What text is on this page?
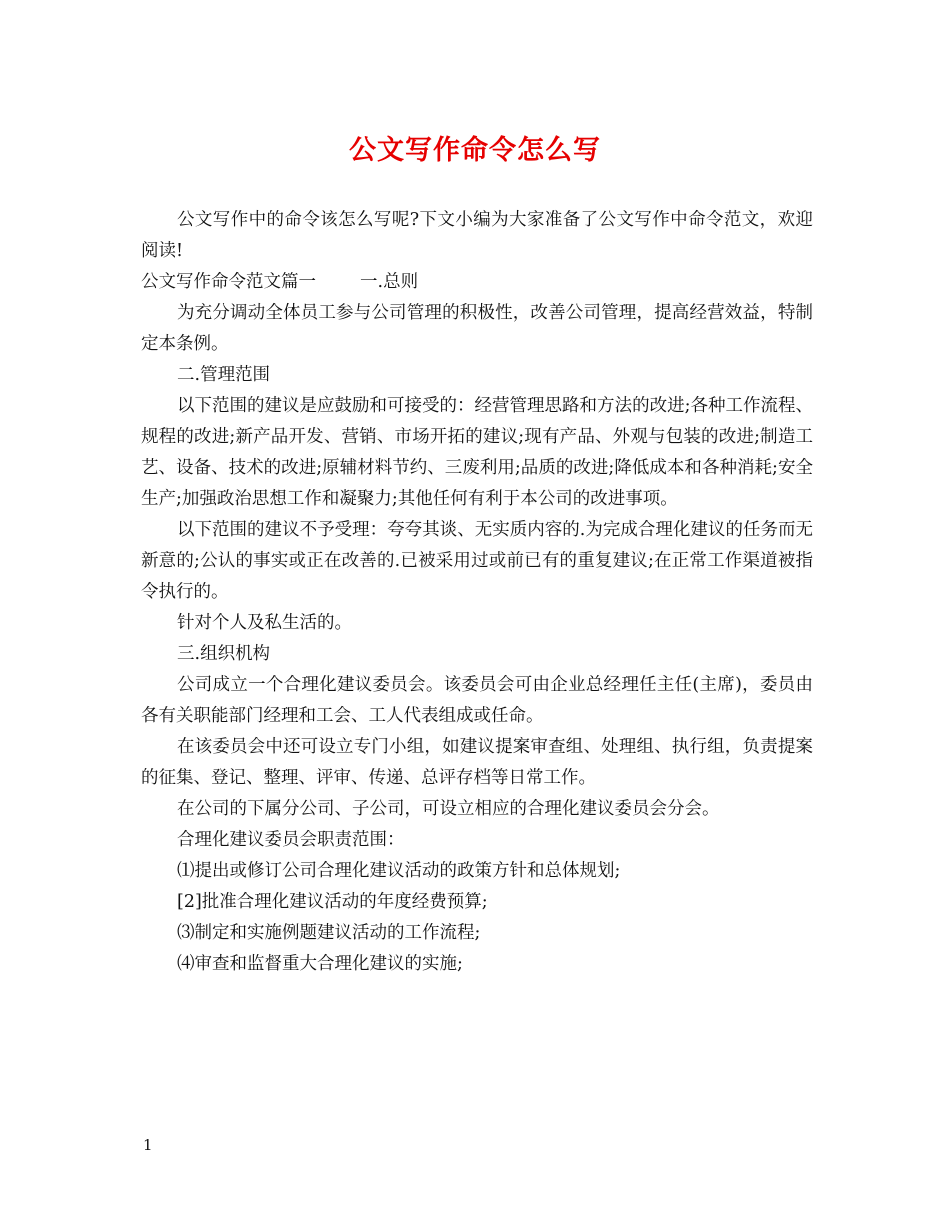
公文写作命令怎么写

公文写作中的命令该怎么写呢?下文小编为大家准备了公文写作中命令范文，欢迎阅读!

公文写作命令范文篇一	一.总则

为充分调动全体员工参与公司管理的积极性，改善公司管理，提高经营效益，特制定本条例。

二.管理范围

以下范围的建议是应鼓励和可接受的：经营管理思路和方法的改进;各种工作流程、规程的改进;新产品开发、营销、市场开拓的建议;现有产品、外观与包装的改进;制造工艺、设备、技术的改进;原辅材料节约、三废利用;品质的改进;降低成本和各种消耗;安全生产;加强政治思想工作和凝聚力;其他任何有利于本公司的改进事项。

以下范围的建议不予受理：夸夸其谈、无实质内容的.为完成合理化建议的任务而无新意的;公认的事实或正在改善的.已被采用过或前已有的重复建议;在正常工作渠道被指令执行的。

针对个人及私生活的。

三.组织机构

公司成立一个合理化建议委员会。该委员会可由企业总经理任主任(主席)，委员由各有关职能部门经理和工会、工人代表组成或任命。

在该委员会中还可设立专门小组，如建议提案审查组、处理组、执行组，负责提案的征集、登记、整理、评审、传递、总评存档等日常工作。

在公司的下属分公司、子公司，可设立相应的合理化建议委员会分会。

合理化建议委员会职责范围：

⑴提出或修订公司合理化建议活动的政策方针和总体规划;

[2]批准合理化建议活动的年度经费预算;

⑶制定和实施例题建议活动的工作流程;

⑷审查和监督重大合理化建议的实施;

1
